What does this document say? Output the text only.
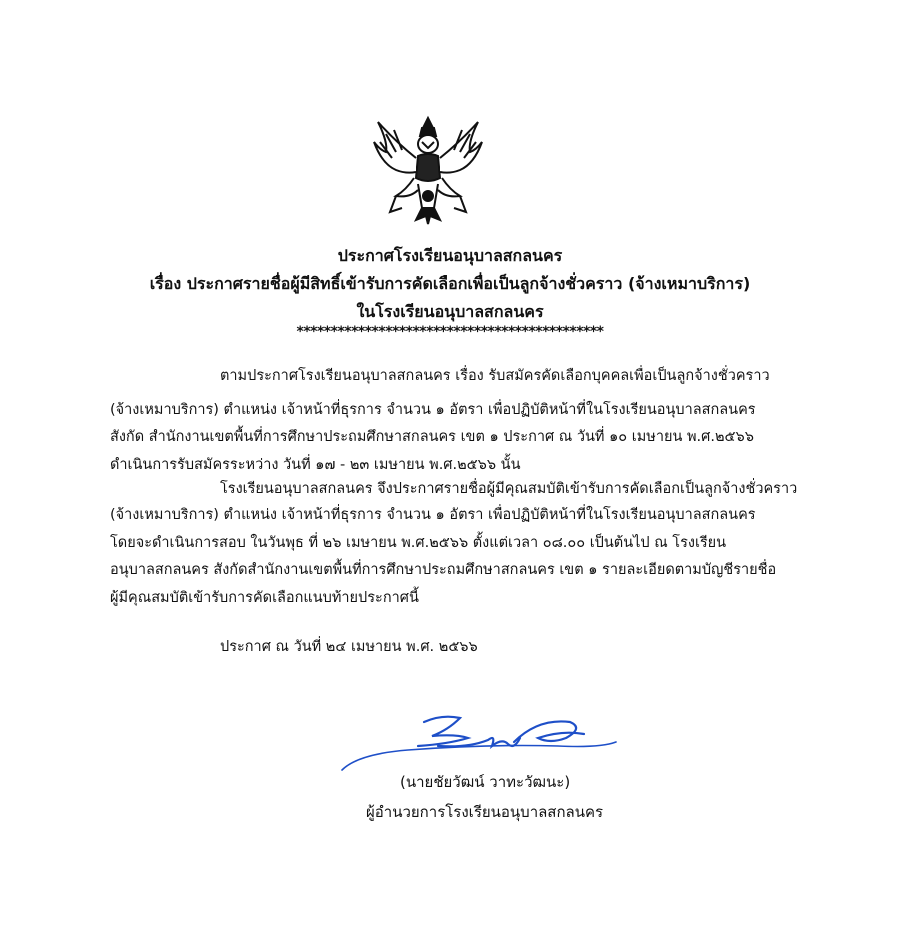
ประกาศโรงเรียนอนุบาลสกลนคร
เรื่อง ประกาศรายชื่อผู้มีสิทธิ์เข้ารับการคัดเลือกเพื่อเป็นลูกจ้างชั่วคราว (จ้างเหมาบริการ)
ในโรงเรียนอนุบาลสกลนคร
*********************************************
ตามประกาศโรงเรียนอนุบาลสกลนคร เรื่อง รับสมัครคัดเลือกบุคคลเพื่อเป็นลูกจ้างชั่วคราว
(จ้างเหมาบริการ) ตำแหน่ง เจ้าหน้าที่ธุรการ จำนวน ๑ อัตรา เพื่อปฏิบัติหน้าที่ในโรงเรียนอนุบาลสกลนคร
สังกัด สำนักงานเขตพื้นที่การศึกษาประถมศึกษาสกลนคร เขต ๑ ประกาศ ณ วันที่ ๑๐ เมษายน พ.ศ.๒๕๖๖
ดำเนินการรับสมัครระหว่าง วันที่ ๑๗ - ๒๓ เมษายน พ.ศ.๒๕๖๖ นั้น
โรงเรียนอนุบาลสกลนคร จึงประกาศรายชื่อผู้มีคุณสมบัติเข้ารับการคัดเลือกเป็นลูกจ้างชั่วคราว
(จ้างเหมาบริการ) ตำแหน่ง เจ้าหน้าที่ธุรการ จำนวน ๑ อัตรา เพื่อปฏิบัติหน้าที่ในโรงเรียนอนุบาลสกลนคร
โดยจะดำเนินการสอบ ในวันพุธ ที่ ๒๖ เมษายน พ.ศ.๒๕๖๖ ตั้งแต่เวลา ๐๘.๐๐ เป็นต้นไป ณ โรงเรียน
อนุบาลสกลนคร สังกัดสำนักงานเขตพื้นที่การศึกษาประถมศึกษาสกลนคร เขต ๑ รายละเอียดตามบัญชีรายชื่อ
ผู้มีคุณสมบัติเข้ารับการคัดเลือกแนบท้ายประกาศนี้
ประกาศ ณ วันที่ ๒๔ เมษายน พ.ศ. ๒๕๖๖
(นายชัยวัฒน์ วาทะวัฒนะ)
ผู้อำนวยการโรงเรียนอนุบาลสกลนคร
